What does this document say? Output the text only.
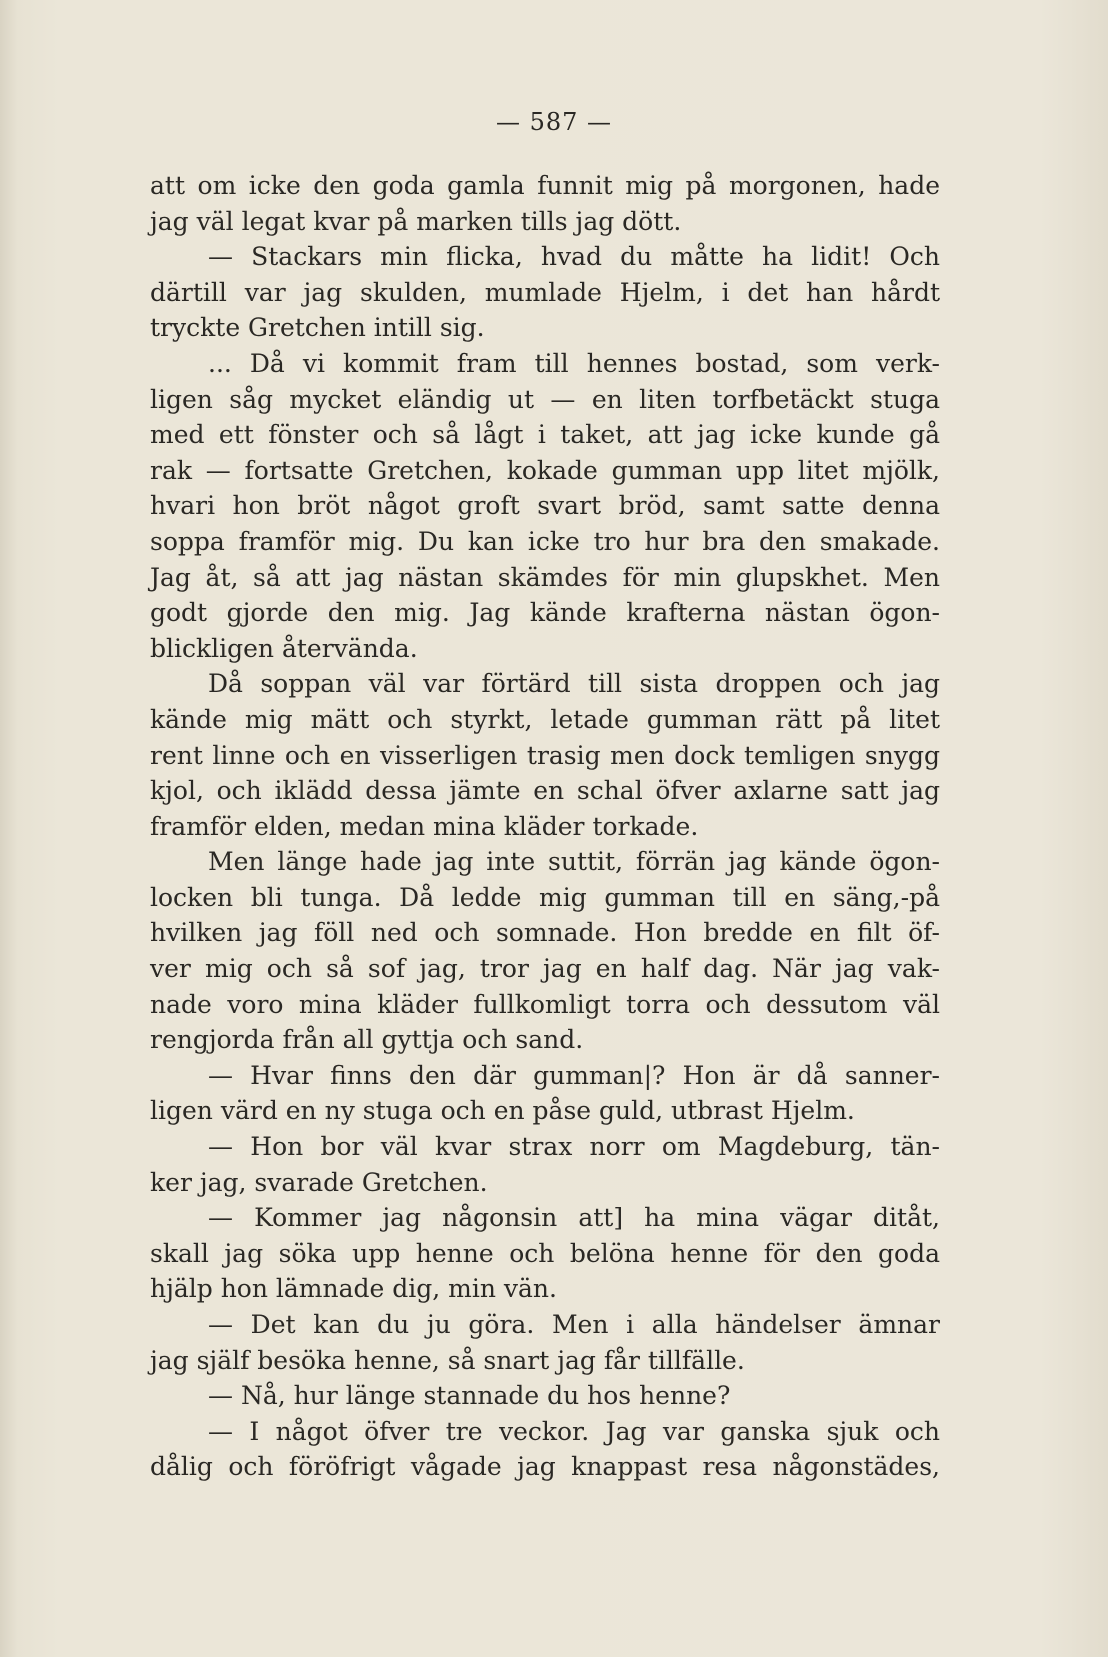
— 587 —
att om icke den goda gamla funnit mig på morgonen, hade
jag väl legat kvar på marken tills jag dött.
— Stackars min flicka, hvad du måtte ha lidit! Och
därtill var jag skulden, mumlade Hjelm, i det han hårdt
tryckte Gretchen intill sig.
... Då vi kommit fram till hennes bostad, som verk-
ligen såg mycket eländig ut — en liten torfbetäckt stuga
med ett fönster och så lågt i taket, att jag icke kunde gå
rak — fortsatte Gretchen, kokade gumman upp litet mjölk,
hvari hon bröt något groft svart bröd, samt satte denna
soppa framför mig. Du kan icke tro hur bra den smakade.
Jag åt, så att jag nästan skämdes för min glupskhet. Men
godt gjorde den mig. Jag kände krafterna nästan ögon-
blickligen återvända.
Då soppan väl var förtärd till sista droppen och jag
kände mig mätt och styrkt, letade gumman rätt på litet
rent linne och en visserligen trasig men dock temligen snygg
kjol, och iklädd dessa jämte en schal öfver axlarne satt jag
framför elden, medan mina kläder torkade.
Men länge hade jag inte suttit, förrän jag kände ögon-
locken bli tunga. Då ledde mig gumman till en säng,-på
hvilken jag föll ned och somnade. Hon bredde en filt öf-
ver mig och så sof jag, tror jag en half dag. När jag vak-
nade voro mina kläder fullkomligt torra och dessutom väl
rengjorda från all gyttja och sand.
— Hvar finns den där gumman|? Hon är då sanner-
ligen värd en ny stuga och en påse guld, utbrast Hjelm.
— Hon bor väl kvar strax norr om Magdeburg, tän-
ker jag, svarade Gretchen.
— Kommer jag någonsin att] ha mina vägar ditåt,
skall jag söka upp henne och belöna henne för den goda
hjälp hon lämnade dig, min vän.
— Det kan du ju göra. Men i alla händelser ämnar
jag själf besöka henne, så snart jag får tillfälle.
— Nå, hur länge stannade du hos henne?
— I något öfver tre veckor. Jag var ganska sjuk och
dålig och föröfrigt vågade jag knappast resa någonstädes,
